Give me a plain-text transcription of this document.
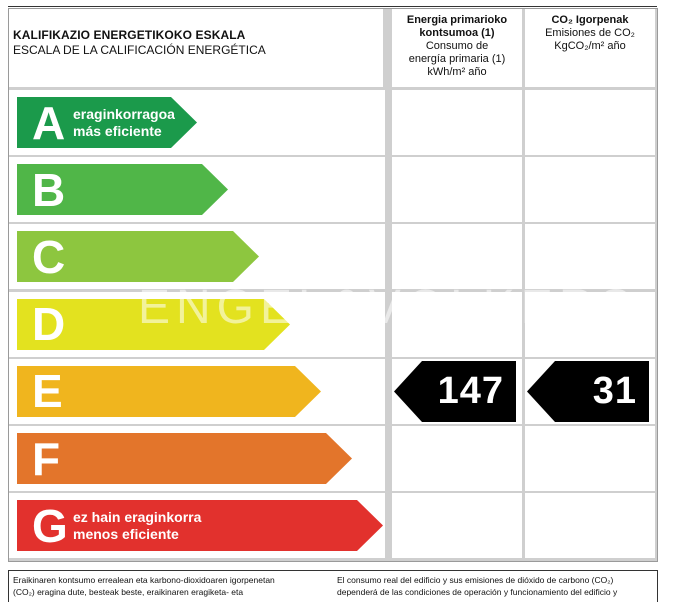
KALIFIKAZIO ENERGETIKOKO ESKALA
ESCALA DE LA CALIFICACIÓN ENERGÉTICA
Energia primarioko kontsumoa (1)
Consumo de
energía primaria (1)
kWh/m² año
CO₂ Igorpenak
Emisiones de CO₂
KgCO₂/m² año
A eraginkorragoa
más eficiente
B
C
D
E	147 31
F
G ez hain eraginkorra
menos eficiente
ENGEL&VÖLKERS
Eraikinaren kontsumo errealean eta karbono-dioxidoaren igorpenetan
(CO₂) eragina dute, besteak beste, eraikinaren eragiketa- eta
El consumo real del edificio y sus emisiones de dióxido de carbono (CO₂)
dependerá de las condiciones de operación y funcionamiento del edificio y
